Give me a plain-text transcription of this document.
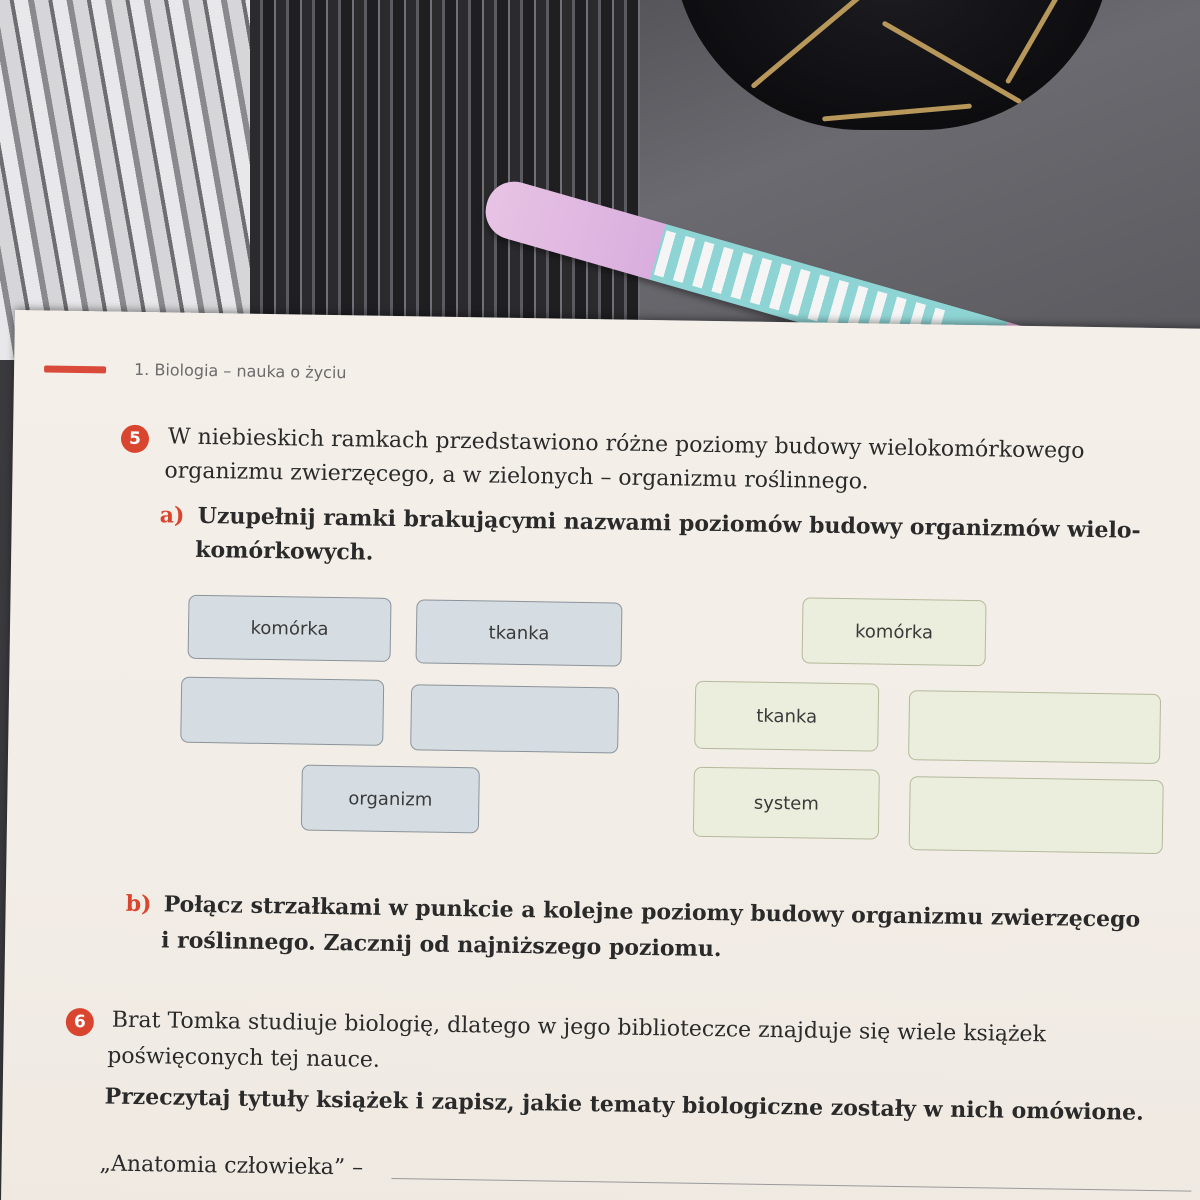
1. Biologia – nauka o życiu
5	W niebieskich ramkach przedstawiono różne poziomy budowy wielokomórkowego
organizmu zwierzęcego, a w zielonych – organizmu roślinnego.
a) Uzupełnij ramki brakującymi nazwami poziomów budowy organizmów wielo-
komórkowych.
komórka	tkanka
organizm
komórka
tkanka
system
b) Połącz strzałkami w punkcie a kolejne poziomy budowy organizmu zwierzęcego
i roślinnego. Zacznij od najniższego poziomu.
6	Brat Tomka studiuje biologię, dlatego w jego biblioteczce znajduje się wiele książek
poświęconych tej nauce.
Przeczytaj tytuły książek i zapisz, jakie tematy biologiczne zostały w nich omówione.
„Anatomia człowieka” –
